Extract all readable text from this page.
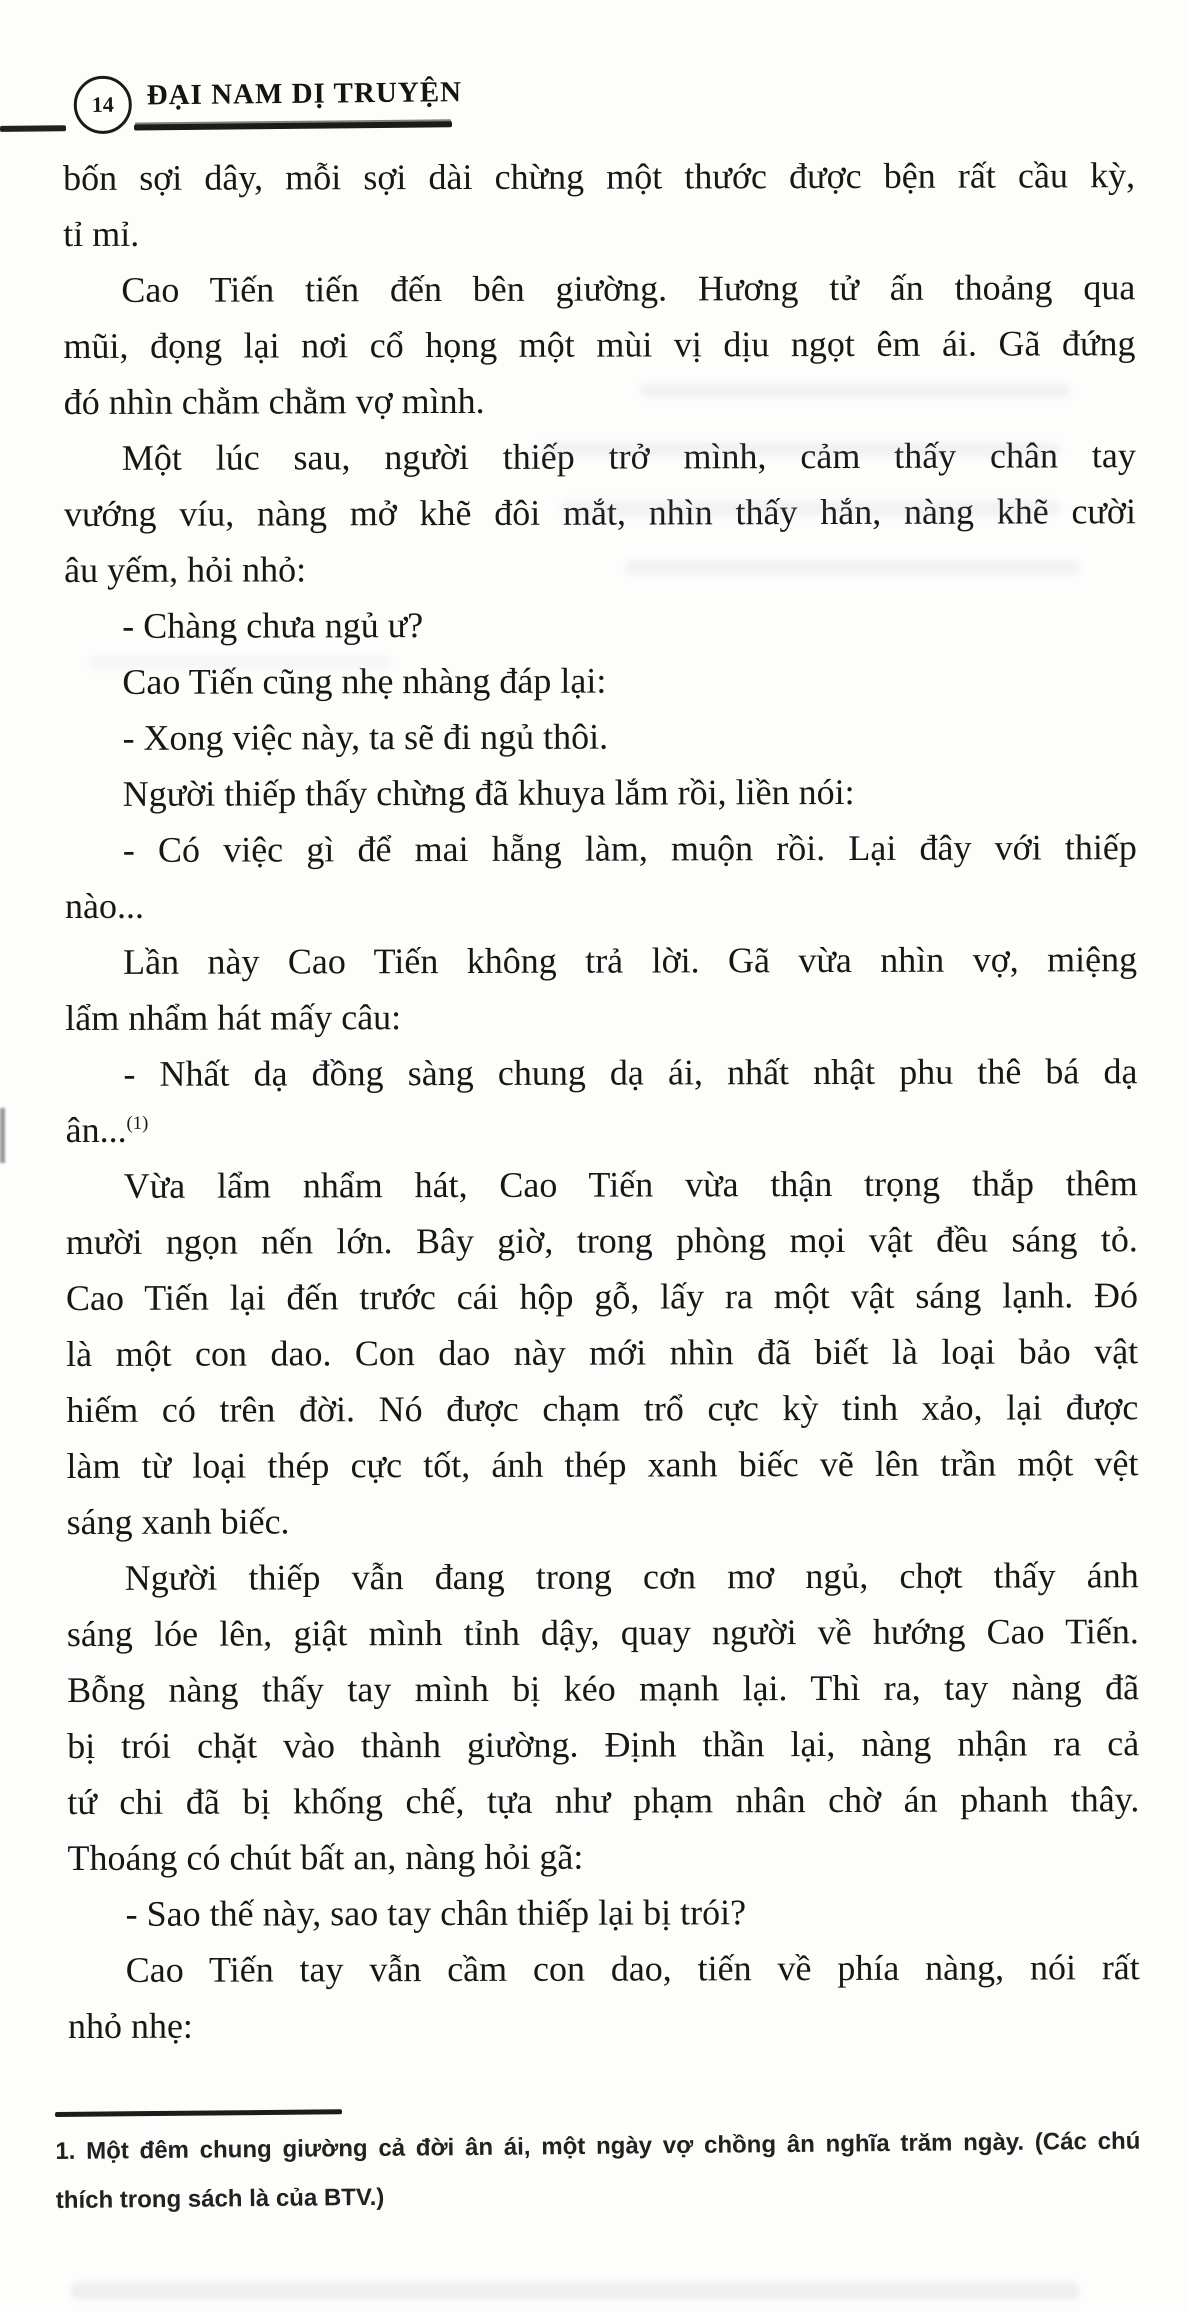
14 ĐẠI NAM DỊ TRUYỆN
bốn sợi dây, mỗi sợi dài chừng một thước được bện rất cầu kỳ,
tỉ mỉ.
Cao Tiến tiến đến bên giường. Hương tử ấn thoảng qua
mũi, đọng lại nơi cổ họng một mùi vị dịu ngọt êm ái. Gã đứng
đó nhìn chằm chằm vợ mình.
Một lúc sau, người thiếp trở mình, cảm thấy chân tay
vướng víu, nàng mở khẽ đôi mắt, nhìn thấy hắn, nàng khẽ cười
âu yếm, hỏi nhỏ:
- Chàng chưa ngủ ư?
Cao Tiến cũng nhẹ nhàng đáp lại:
- Xong việc này, ta sẽ đi ngủ thôi.
Người thiếp thấy chừng đã khuya lắm rồi, liền nói:
- Có việc gì để mai hẵng làm, muộn rồi. Lại đây với thiếp
nào...
Lần này Cao Tiến không trả lời. Gã vừa nhìn vợ, miệng
lẩm nhẩm hát mấy câu:
- Nhất dạ đồng sàng chung dạ ái, nhất nhật phu thê bá dạ
ân...$^{(1)}$
Vừa lẩm nhẩm hát, Cao Tiến vừa thận trọng thắp thêm
mười ngọn nến lớn. Bây giờ, trong phòng mọi vật đều sáng tỏ.
Cao Tiến lại đến trước cái hộp gỗ, lấy ra một vật sáng lạnh. Đó
là một con dao. Con dao này mới nhìn đã biết là loại bảo vật
hiếm có trên đời. Nó được chạm trổ cực kỳ tinh xảo, lại được
làm từ loại thép cực tốt, ánh thép xanh biếc vẽ lên trần một vệt
sáng xanh biếc.
Người thiếp vẫn đang trong cơn mơ ngủ, chợt thấy ánh
sáng lóe lên, giật mình tỉnh dậy, quay người về hướng Cao Tiến.
Bỗng nàng thấy tay mình bị kéo mạnh lại. Thì ra, tay nàng đã
bị trói chặt vào thành giường. Định thần lại, nàng nhận ra cả
tứ chi đã bị khống chế, tựa như phạm nhân chờ án phanh thây.
Thoáng có chút bất an, nàng hỏi gã:
- Sao thế này, sao tay chân thiếp lại bị trói?
Cao Tiến tay vẫn cầm con dao, tiến về phía nàng, nói rất
nhỏ nhẹ:
1. Một đêm chung giường cả đời ân ái, một ngày vợ chồng ân nghĩa trăm ngày. (Các chú
thích trong sách là của BTV.)
